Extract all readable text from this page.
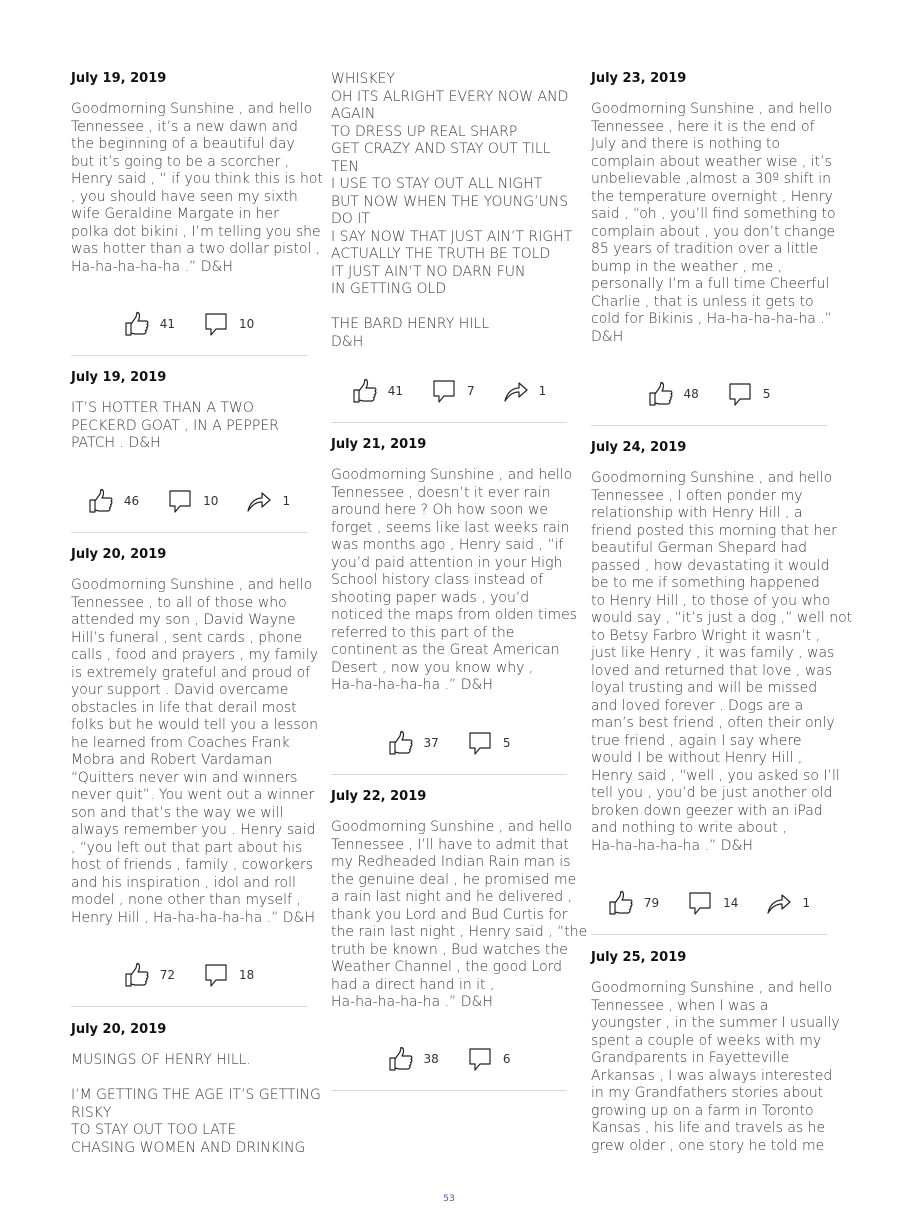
July 19, 2019
Goodmorning Sunshine , and hello
Tennessee , it’s a new dawn and
the beginning of a beautiful day
but it’s going to be a scorcher ,
Henry said , “ if you think this is hot
, you should have seen my sixth
wife Geraldine Margate in her
polka dot bikini , I’m telling you she
was hotter than a two dollar pistol ,
Ha-ha-ha-ha-ha .” D&H
41	10
July 19, 2019
IT’S HOTTER THAN A TWO
PECKERD GOAT , IN A PEPPER
PATCH . D&H
46	10	1
July 20, 2019
Goodmorning Sunshine , and hello
Tennessee , to all of those who
attended my son , David Wayne
Hill’s funeral , sent cards , phone
calls , food and prayers , my family
is extremely grateful and proud of
your support . David overcame
obstacles in life that derail most
folks but he would tell you a lesson
he learned from Coaches Frank
Mobra and Robert Vardaman
“Quitters never win and winners
never quit”. You went out a winner
son and that’s the way we will
always remember you . Henry said
, “you left out that part about his
host of friends , family , coworkers
and his inspiration , idol and roll
model , none other than myself ,
Henry Hill , Ha-ha-ha-ha-ha .” D&H
72	18
July 20, 2019
MUSINGS OF HENRY HILL.

I’M GETTING THE AGE IT’S GETTING
RISKY
TO STAY OUT TOO LATE
CHASING WOMEN AND DRINKING
WHISKEY
OH ITS ALRIGHT EVERY NOW AND
AGAIN
TO DRESS UP REAL SHARP
GET CRAZY AND STAY OUT TILL
TEN
I USE TO STAY OUT ALL NIGHT
BUT NOW WHEN THE YOUNG’UNS
DO IT
I SAY NOW THAT JUST AIN’T RIGHT
ACTUALLY THE TRUTH BE TOLD
IT JUST AIN’T NO DARN FUN
IN GETTING OLD

THE BARD HENRY HILL
D&H
41	7	1
July 21, 2019
Goodmorning Sunshine , and hello
Tennessee , doesn’t it ever rain
around here ? Oh how soon we
forget , seems like last weeks rain
was months ago , Henry said , “if
you’d paid attention in your High
School history class instead of
shooting paper wads , you’d
noticed the maps from olden times
referred to this part of the
continent as the Great American
Desert , now you know why ,
Ha-ha-ha-ha-ha .” D&H
37	5
July 22, 2019
Goodmorning Sunshine , and hello
Tennessee , I’ll have to admit that
my Redheaded Indian Rain man is
the genuine deal , he promised me
a rain last night and he delivered ,
thank you Lord and Bud Curtis for
the rain last night , Henry said , “the
truth be known , Bud watches the
Weather Channel , the good Lord
had a direct hand in it ,
Ha-ha-ha-ha-ha .” D&H
38	6
July 23, 2019
Goodmorning Sunshine , and hello
Tennessee , here it is the end of
July and there is nothing to
complain about weather wise , it’s
unbelievable ,almost a 30º shift in
the temperature overnight , Henry
said , “oh , you’ll find something to
complain about , you don’t change
85 years of tradition over a little
bump in the weather , me ,
personally I’m a full time Cheerful
Charlie , that is unless it gets to
cold for Bikinis , Ha-ha-ha-ha-ha .”
D&H
48	5
July 24, 2019
Goodmorning Sunshine , and hello
Tennessee , I often ponder my
relationship with Henry Hill , a
friend posted this morning that her
beautiful German Shepard had
passed , how devastating it would
be to me if something happened
to Henry Hill , to those of you who
would say , “it’s just a dog ,” well not
to Betsy Farbro Wright it wasn’t ,
just like Henry , it was family , was
loved and returned that love , was
loyal trusting and will be missed
and loved forever . Dogs are a
man’s best friend , often their only
true friend , again I say where
would I be without Henry Hill ,
Henry said , “well , you asked so I’ll
tell you , you’d be just another old
broken down geezer with an iPad
and nothing to write about ,
Ha-ha-ha-ha-ha .” D&H
79	14	1
July 25, 2019
Goodmorning Sunshine , and hello
Tennessee , when I was a
youngster , in the summer I usually
spent a couple of weeks with my
Grandparents in Fayetteville
Arkansas , I was always interested
in my Grandfathers stories about
growing up on a farm in Toronto
Kansas , his life and travels as he
grew older , one story he told me
53
